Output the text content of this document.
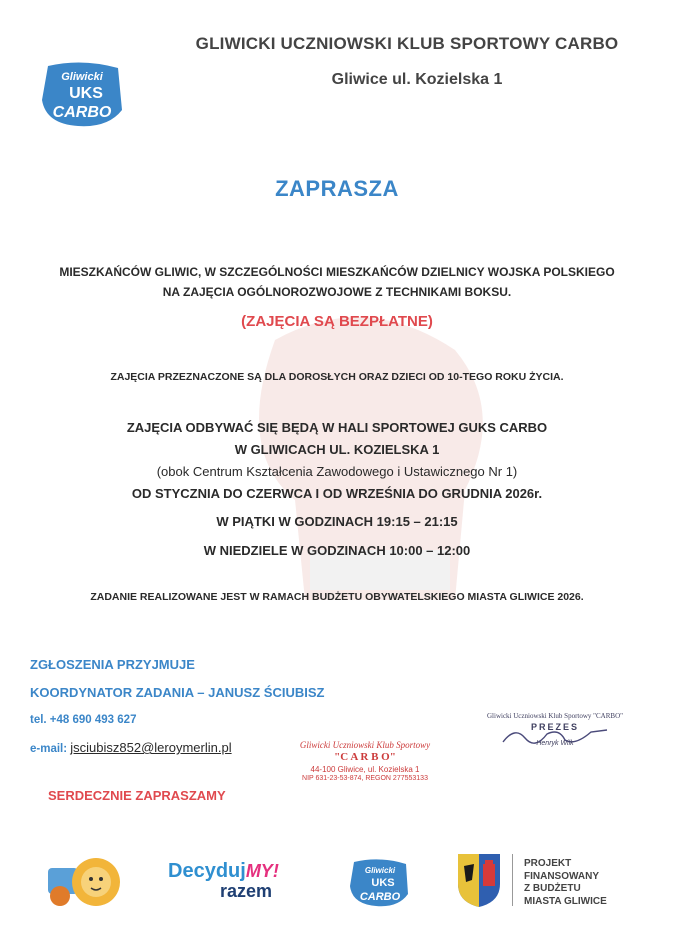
Gliwicki
UKS
CARBO
GLIWICKI UCZNIOWSKI KLUB SPORTOWY CARBO
Gliwice ul. Kozielska 1
ZAPRASZA
MIESZKAŃCÓW GLIWIC, W SZCZEGÓLNOŚCI MIESZKAŃCÓW DZIELNICY WOJSKA POLSKIEGO
NA ZAJĘCIA OGÓLNOROZWOJOWE Z TECHNIKAMI BOKSU.
(ZAJĘCIA SĄ BEZPŁATNE)
ZAJĘCIA PRZEZNACZONE SĄ DLA DOROSŁYCH ORAZ DZIECI OD 10-TEGO ROKU ŻYCIA.
ZAJĘCIA ODBYWAĆ SIĘ BĘDĄ W HALI SPORTOWEJ GUKS CARBO
W GLIWICACH UL. KOZIELSKA 1
(obok Centrum Kształcenia Zawodowego i Ustawicznego Nr 1)
OD STYCZNIA DO CZERWCA I OD WRZEŚNIA DO GRUDNIA 2026r.
W PIĄTKI W GODZINACH 19:15 – 21:15
W NIEDZIELE W GODZINACH 10:00 – 12:00
ZADANIE REALIZOWANE JEST W RAMACH BUDŻETU OBYWATELSKIEGO MIASTA GLIWICE 2026.
ZGŁOSZENIA PRZYJMUJE
KOORDYNATOR ZADANIA – JANUSZ ŚCIUBISZ
tel. +48 690 493 627
e-mail: jsciubisz852@leroymerlin.pl
SERDECZNIE ZAPRASZAMY
Gliwicki Uczniowski Klub Sportowy
"C A R B O"
44-100 Gliwice, ul. Kozielska 1
NIP 631-23-53-874, REGON 277553133
Gliwicki Uczniowski Klub Sportowy "CARBO"
PREZES
Henryk Wilk
DecydujMY!
razem
Gliwicki
UKS
CARBO
PROJEKT
FINANSOWANY
Z BUDŻETU
MIASTA GLIWICE
